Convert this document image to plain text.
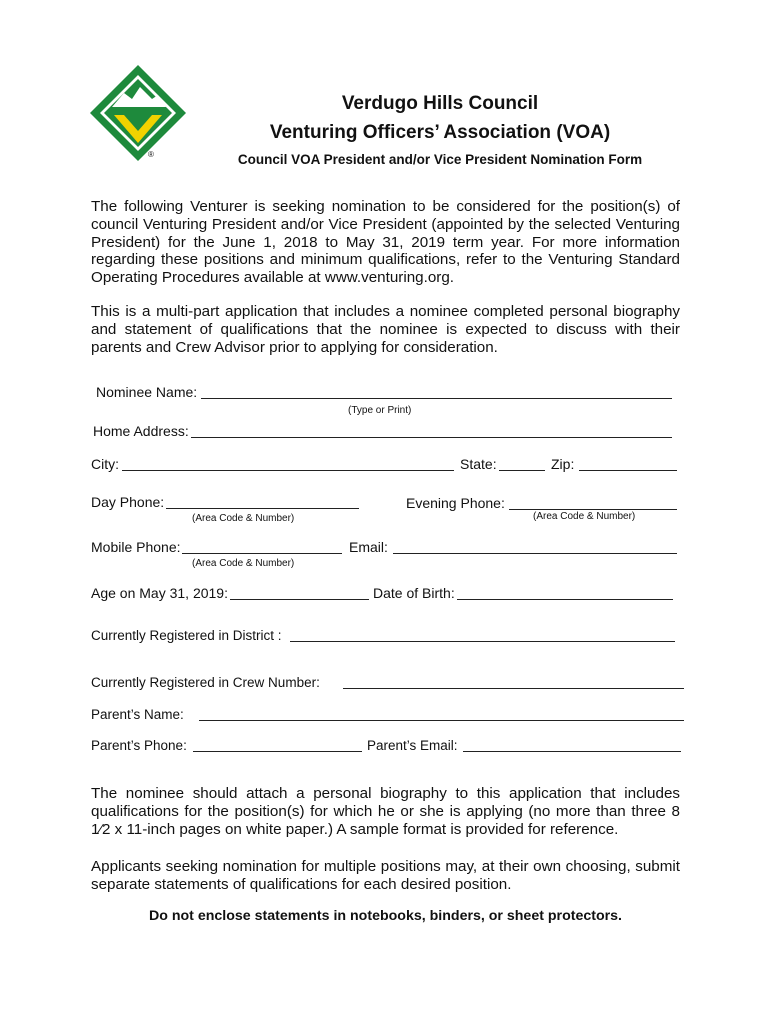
®
Verdugo Hills Council
Venturing Officers’ Association (VOA)
Council VOA President and/or Vice President Nomination Form
The following Venturer is seeking nomination to be considered for the position(s) of council Venturing President and/or Vice President (appointed by the selected Venturing President) for the June 1, 2018 to May 31, 2019 term year. For more information regarding these positions and minimum qualifications, refer to the Venturing Standard Operating Procedures available at www.venturing.org.
This is a multi-part application that includes a nominee completed personal biography and statement of qualifications that the nominee is expected to discuss with their parents and Crew Advisor prior to applying for consideration.
Nominee Name:
(Type or Print)
Home Address:
City:	State:	Zip:
Day Phone:
(Area Code & Number)
Evening Phone:
(Area Code & Number)
Mobile Phone:
(Area Code & Number)
Email:
Age on May 31, 2019:	Date of Birth:
Currently Registered in District :
Currently Registered in Crew Number:
Parent’s Name:
Parent’s Phone:	Parent’s Email:
The nominee should attach a personal biography to this application that includes qualifications for the position(s) for which he or she is applying (no more than three 8 1⁄2 x 11-inch pages on white paper.) A sample format is provided for reference.
Applicants seeking nomination for multiple positions may, at their own choosing, submit separate statements of qualifications for each desired position.
Do not enclose statements in notebooks, binders, or sheet protectors.
